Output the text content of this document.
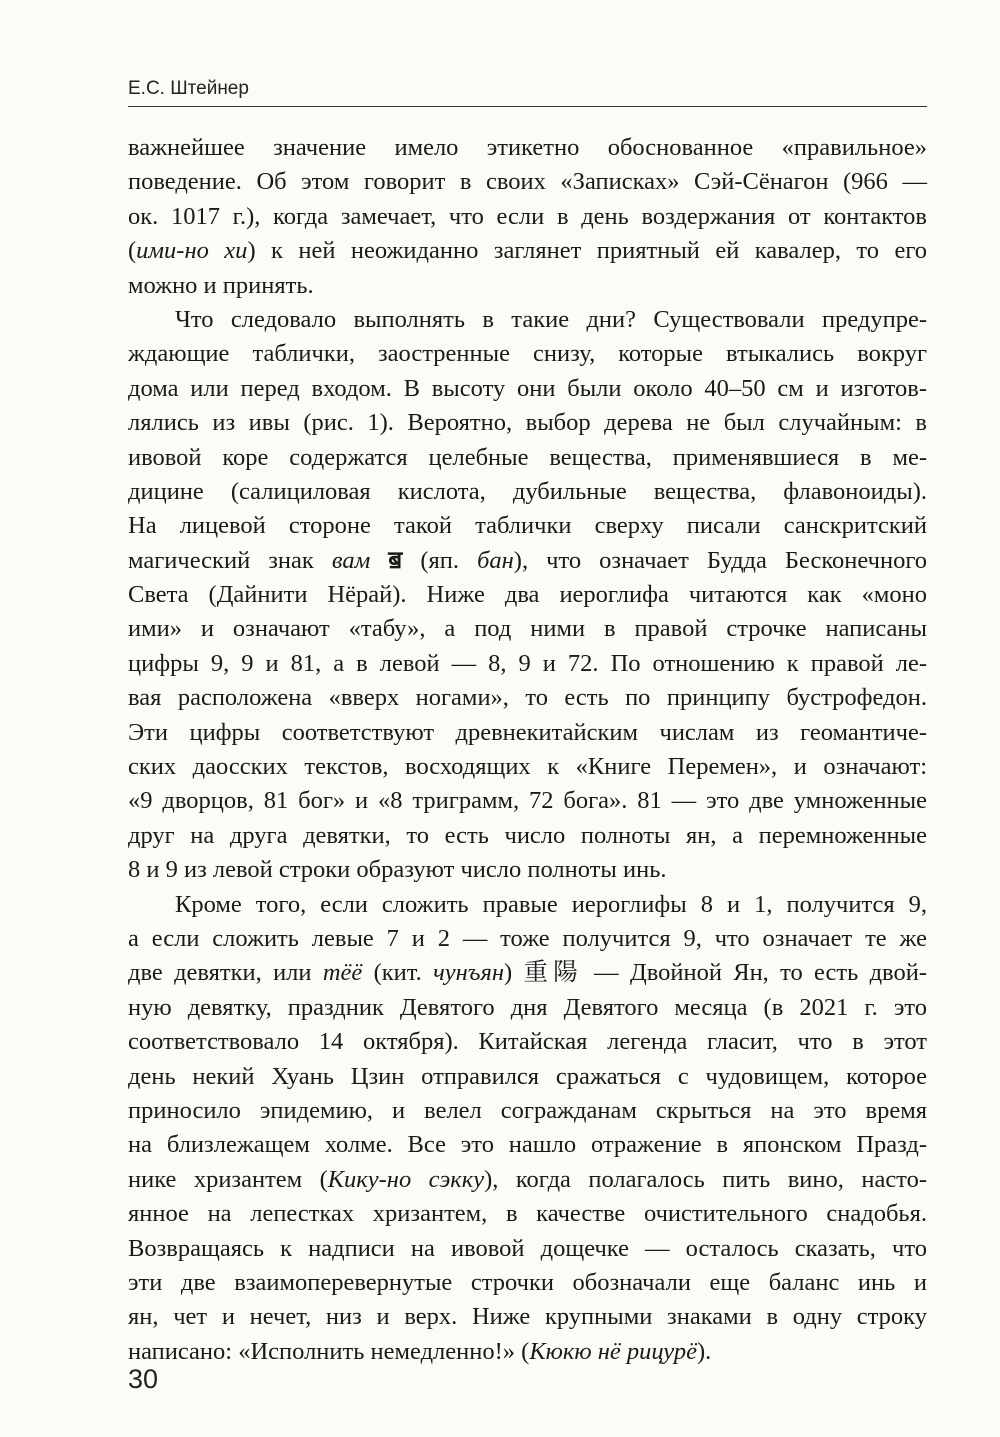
Е.С. Штейнер
важнейшее значение имело этикетно обоснованное «правильное»
поведение. Об этом говорит в своих «Записках» Сэй-Сёнагон (966 —
ок. 1017 г.), когда замечает, что если в день воздержания от контактов
(ими-но хи) к ней неожиданно заглянет приятный ей кавалер, то его
можно и принять.
Что следовало выполнять в такие дни? Существовали предупре-
ждающие таблички, заостренные снизу, которые втыкались вокруг
дома или перед входом. В высоту они были около 40–50 см и изготов-
лялись из ивы (рис. 1). Вероятно, выбор дерева не был случайным: в
ивовой коре содержатся целебные вещества, применявшиеся в ме-
дицине (салициловая кислота, дубильные вещества, флавоноиды).
На лицевой стороне такой таблички сверху писали санскритский
магический знак вам ॿ (яп. бан), что означает Будда Бесконечного
Света (Дайнити Нёрай). Ниже два иероглифа читаются как «моно
ими» и означают «табу», а под ними в правой строчке написаны
цифры 9, 9 и 81, а в левой — 8, 9 и 72. По отношению к правой ле-
вая расположена «вверх ногами», то есть по принципу бустрофедон.
Эти цифры соответствуют древнекитайским числам из геомантиче-
ских даосских текстов, восходящих к «Книге Перемен», и означают:
«9 дворцов, 81 бог» и «8 триграмм, 72 бога». 81 — это две умноженные
друг на друга девятки, то есть число полноты ян, а перемноженные
8 и 9 из левой строки образуют число полноты инь.
Кроме того, если сложить правые иероглифы 8 и 1, получится 9,
а если сложить левые 7 и 2 — тоже получится 9, что означает те же
две девятки, или тёё (кит. чунъян) 重陽 — Двойной Ян, то есть двой-
ную девятку, праздник Девятого дня Девятого месяца (в 2021 г. это
соответствовало 14 октября). Китайская легенда гласит, что в этот
день некий Хуань Цзин отправился сражаться с чудовищем, которое
приносило эпидемию, и велел согражданам скрыться на это время
на близлежащем холме. Все это нашло отражение в японском Празд-
нике хризантем (Кику-но сэкку), когда полагалось пить вино, насто-
янное на лепестках хризантем, в качестве очистительного снадобья.
Возвращаясь к надписи на ивовой дощечке — осталось сказать, что
эти две взаимоперевернутые строчки обозначали еще баланс инь и
ян, чет и нечет, низ и верх. Ниже крупными знаками в одну строку
написано: «Исполнить немедленно!» (Кюкю нё рицурё).
30
